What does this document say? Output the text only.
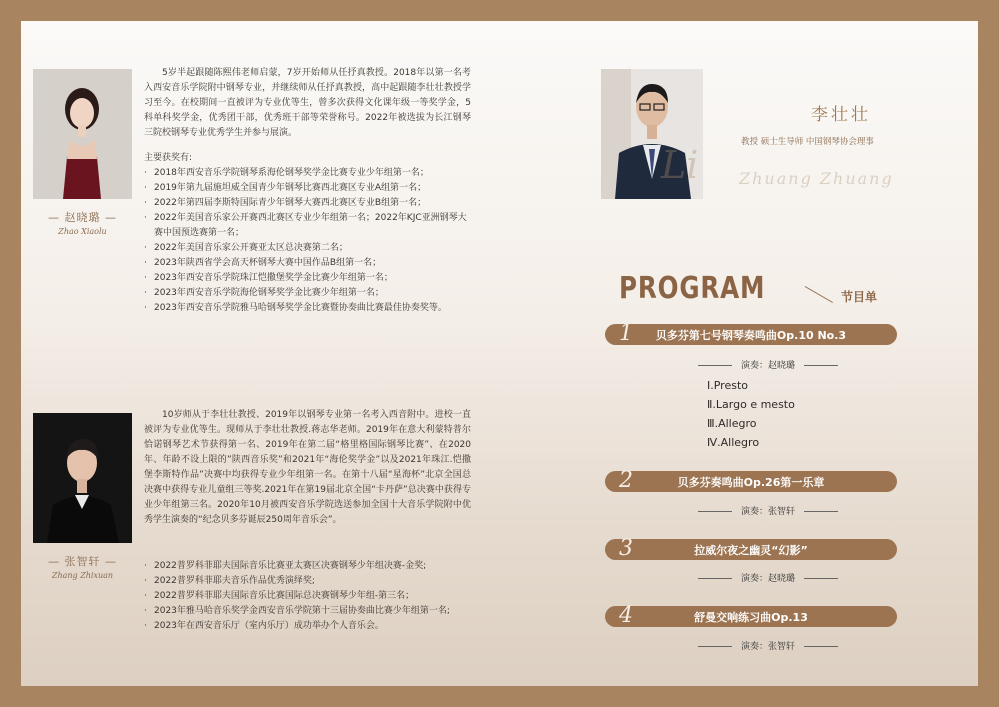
— 赵晓璐 —
Zhao Xiaolu

5岁半起跟随陈熙伟老师启蒙，7岁开始师从任抒真教授。2018年以第一名考入西安音乐学院附中钢琴专业，并继续师从任抒真教授，高中起跟随李壮壮教授学习至今。在校期间一直被评为专业优等生，曾多次获得文化课年级一等奖学金，5科单科奖学金，优秀团干部，优秀班干部等荣誉称号。2022年被选拔为长江钢琴三院校钢琴专业优秀学生并参与展演。

主要获奖有:
· 2018年西安音乐学院钢琴系海伦钢琴奖学金比赛专业少年组第一名；
· 2019年第九届施坦威全国青少年钢琴比赛西北赛区专业A组第一名；
· 2022年第四届李斯特国际青少年钢琴大赛西北赛区专业B组第一名；
· 2022年美国音乐家公开赛西北赛区专业少年组第一名；2022年KJC亚洲钢琴大赛中国预选赛第一名；
· 2022年美国音乐家公开赛亚太区总决赛第二名；
· 2023年陕西省学会高天杯钢琴大赛中国作品B组第一名；
· 2023年西安音乐学院珠江恺撒堡奖学金比赛少年组第一名；
· 2023年西安音乐学院海伦钢琴奖学金比赛少年组第一名；
· 2023年西安音乐学院雅马哈钢琴奖学金比赛暨协奏曲比赛最佳协奏奖等。
— 张智轩 —
Zhang Zhixuan

10岁师从于李壮壮教授、2019年以钢琴专业第一名考入西音附中。进校一直被评为专业优等生。现师从于李壮壮教授.蒋志华老师。2019年在意大利蒙特普尔恰诺钢琴艺术节获得第一名、2019年在第二届“格里格国际钢琴比赛”、在2020年、年龄不设上限的”陕西音乐奖”和2021年“海伦奖学金”以及2021年珠江.恺撒堡李斯特作品”决赛中均获得专业少年组第一名。在第十八届“星海杯”北京全国总决赛中获得专业儿童组三等奖.2021年在第19届北京全国“卡丹萨”总决赛中获得专业少年组第三名。2020年10月被西安音乐学院选送参加全国十大音乐学院附中优秀学生演奏的“纪念贝多芬诞辰250周年音乐会”。

· 2022普罗科菲耶夫国际音乐比赛亚太赛区决赛钢琴少年组决赛-金奖;
· 2022普罗科菲耶夫音乐作品优秀演绎奖;
· 2022普罗科菲耶夫国际音乐比赛国际总决赛钢琴少年组-第三名；
· 2023年雅马哈音乐奖学金西安音乐学院第十三届协奏曲比赛少年组第一名;
· 2023年在西安音乐厅（室内乐厅）成功举办个人音乐会。
李壮壮
教授 硕士生导师 中国钢琴协会理事
Li	Zhuang Zhuang
PROGRAM	节目单
1	贝多芬第七号钢琴奏鸣曲Op.10 No.3
演奏：赵晓璐
Ⅰ.Presto
Ⅱ.Largo e mesto
Ⅲ.Allegro
Ⅳ.Allegro
2	贝多芬奏鸣曲Op.26第一乐章
演奏：张智轩
3	拉威尔夜之幽灵“幻影”
演奏：赵晓璐
4	舒曼交响练习曲Op.13
演奏：张智轩
